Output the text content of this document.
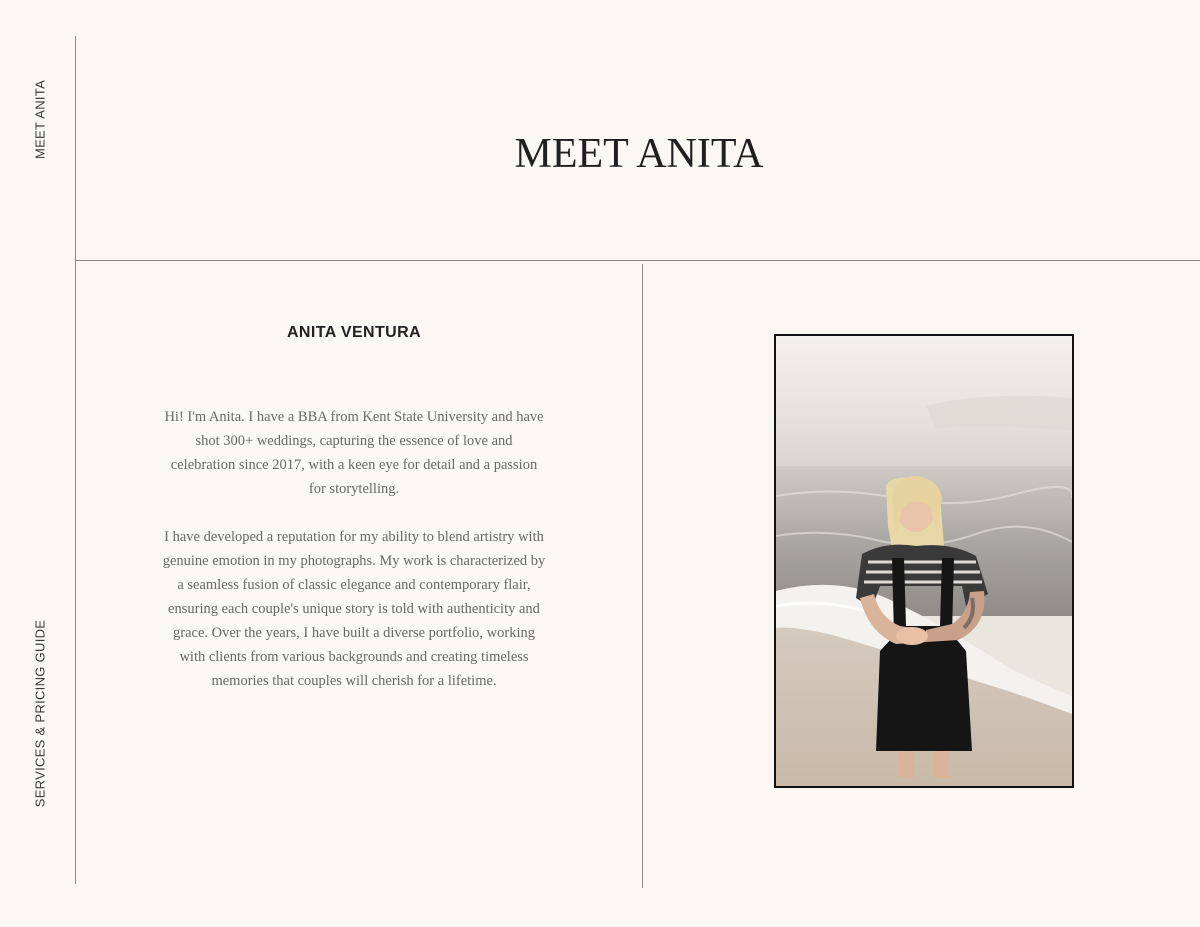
MEET ANITA
SERVICES & PRICING GUIDE
MEET ANITA
ANITA VENTURA

Hi! I'm Anita. I have a BBA from Kent State University and have shot 300+ weddings, capturing the essence of love and celebration since 2017, with a keen eye for detail and a passion for storytelling.

I have developed a reputation for my ability to blend artistry with genuine emotion in my photographs. My work is characterized by a seamless fusion of classic elegance and contemporary flair, ensuring each couple's unique story is told with authenticity and grace. Over the years, I have built a diverse portfolio, working with clients from various backgrounds and creating timeless memories that couples will cherish for a lifetime.
